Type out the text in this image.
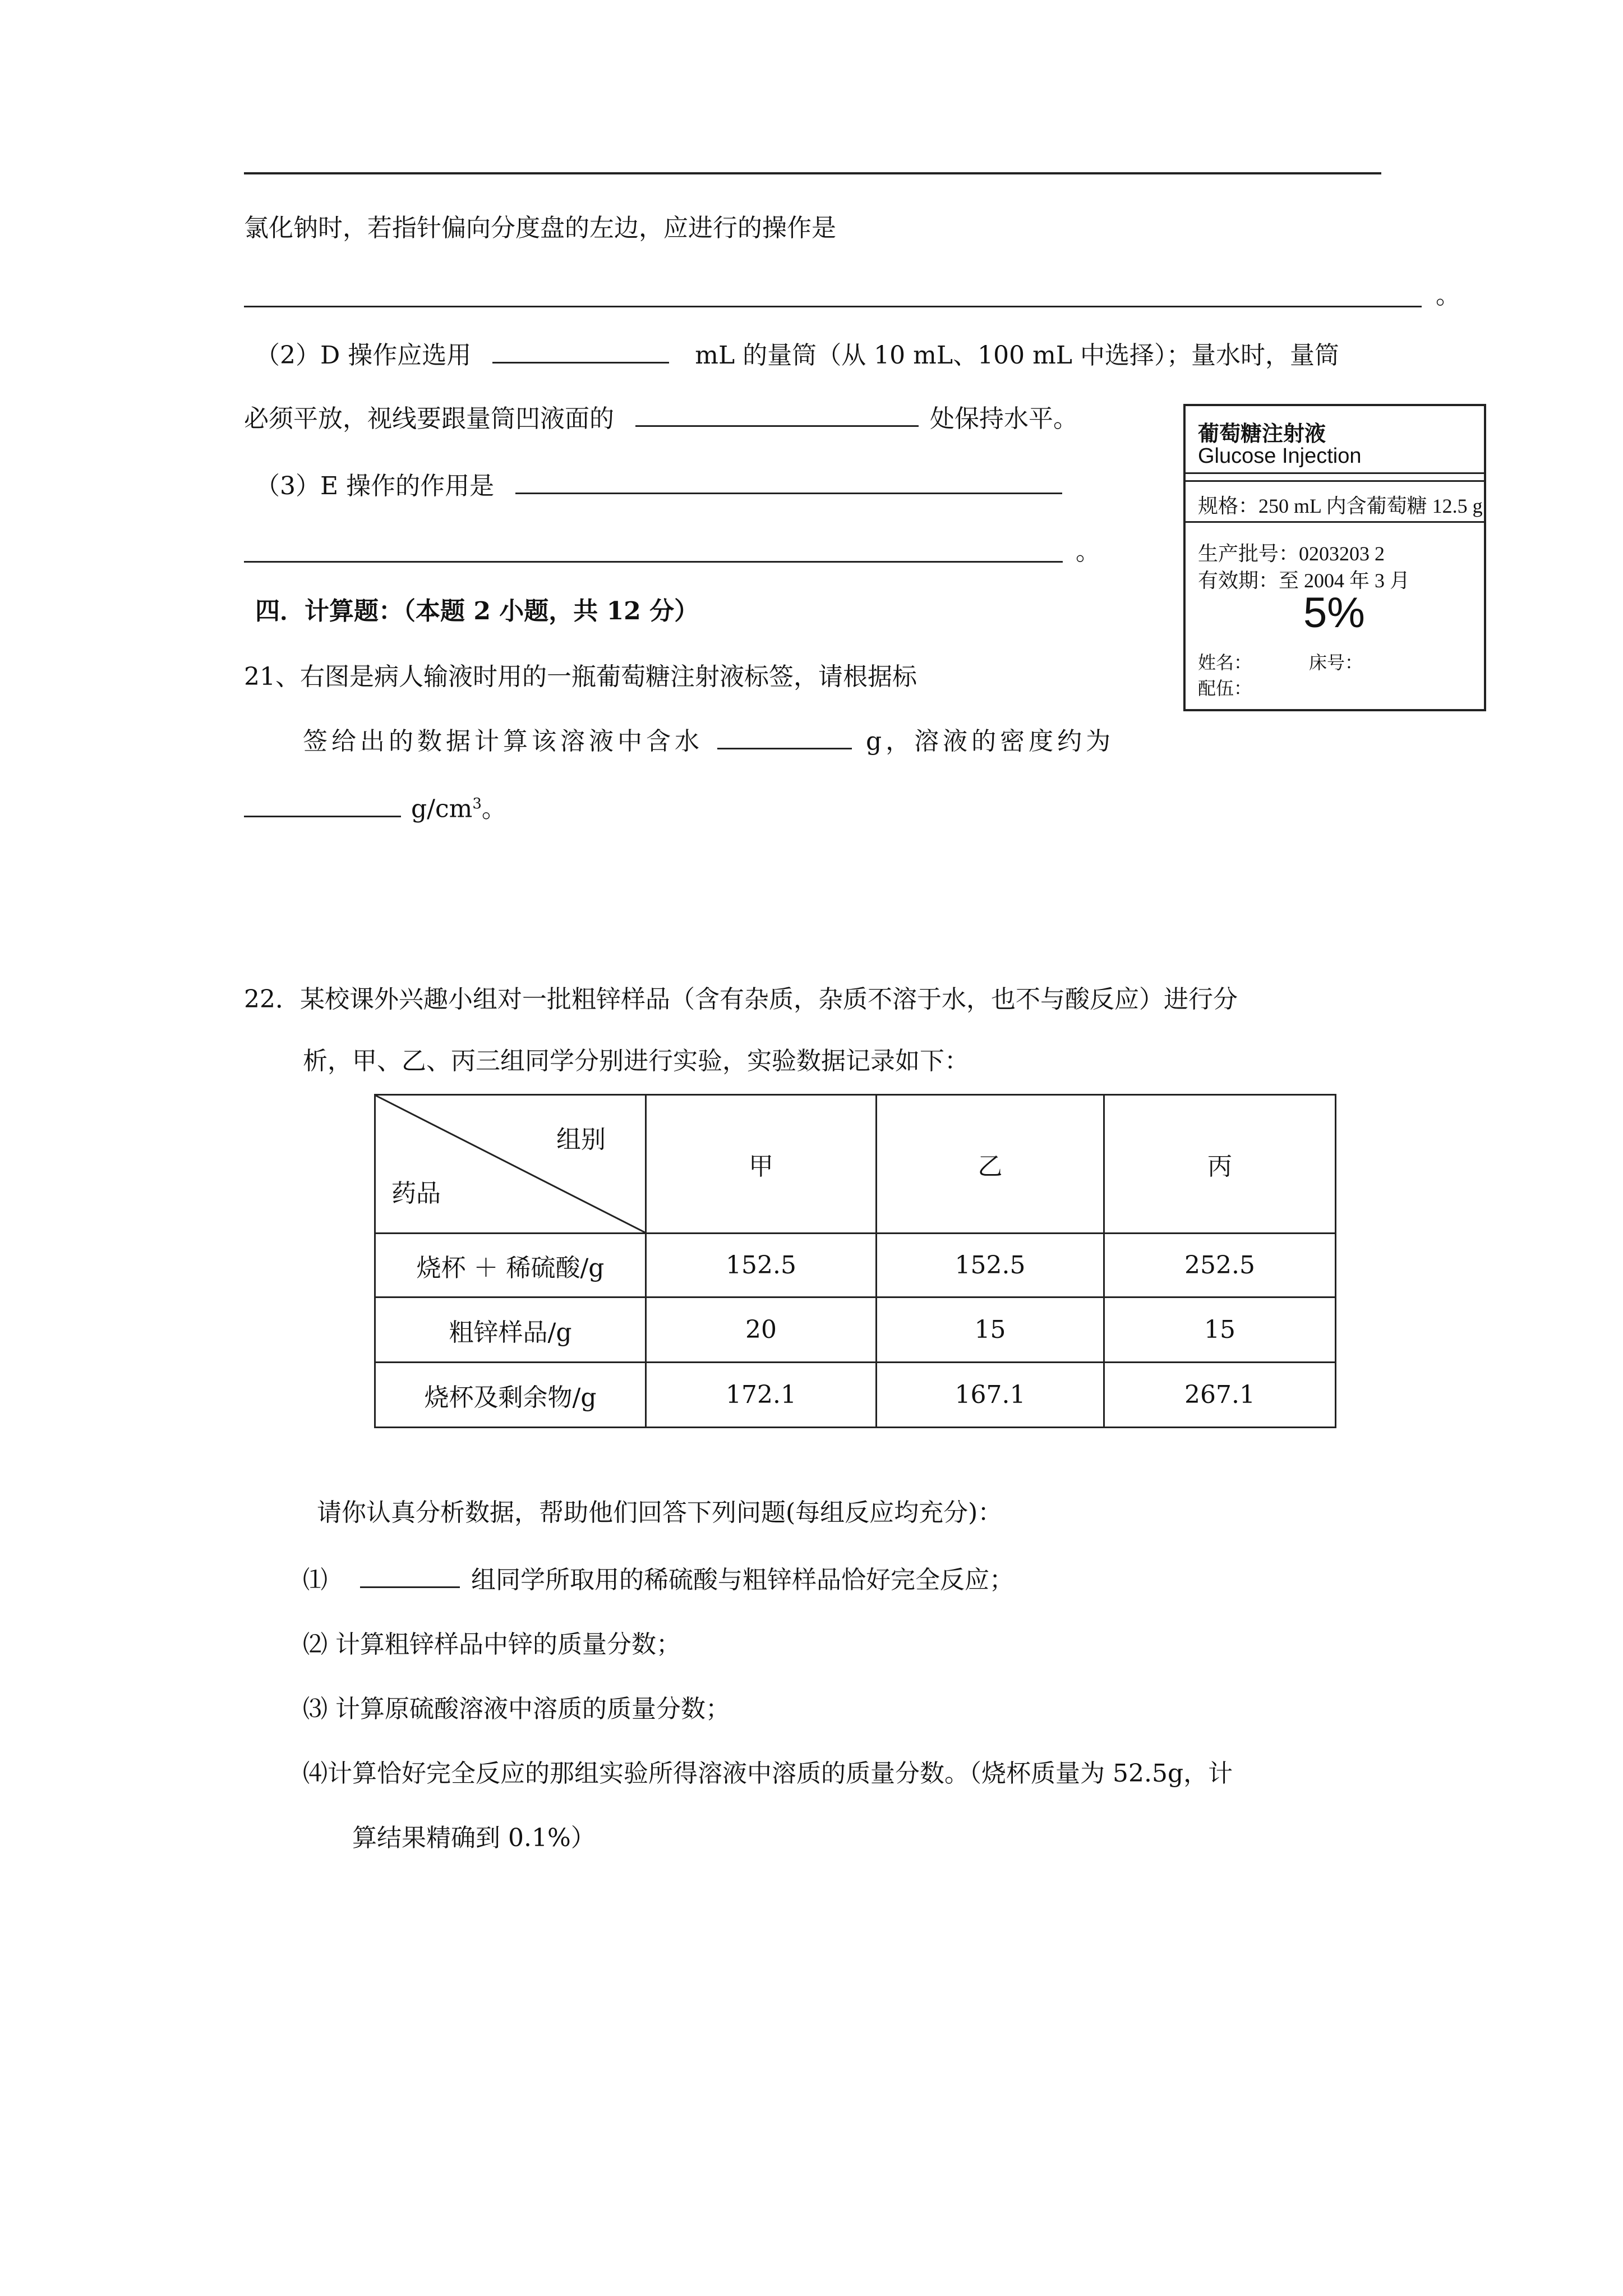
氯化钠时，若指针偏向分度盘的左边，应进行的操作是
。
（2）D 操作应选用	mL 的量筒（从 10 mL、100 mL 中选择）；量水时，量筒
必须平放，视线要跟量筒凹液面的	处保持水平。
（3）E 操作的作用是
。
四．计算题：（本题 2 小题，共 12 分）
21、右图是病人输液时用的一瓶葡萄糖注射液标签，请根据标
签给出的数据计算该溶液中含水	g，溶液的密度约为
$g/cm^3$。
葡萄糖注射液
Glucose Injection
规格：250 mL 内含葡萄糖 12.5 g
生产批号：0203203 2
有效期：至 2004 年 3 月
5%
姓名：	床号：
配伍：
22．某校课外兴趣小组对一批粗锌样品（含有杂质，杂质不溶于水，也不与酸反应）进行分
析，甲、乙、丙三组同学分别进行实验，实验数据记录如下：
组别
药品	甲	乙	丙
烧杯 ＋ 稀硫酸/g	152.5	152.5	252.5
粗锌样品/g	20	15	15
烧杯及剩余物/g	172.1	167.1	267.1
请你认真分析数据，帮助他们回答下列问题(每组反应均充分)：
⑴	组同学所取用的稀硫酸与粗锌样品恰好完全反应；
⑵ 计算粗锌样品中锌的质量分数；
⑶ 计算原硫酸溶液中溶质的质量分数；
⑷计算恰好完全反应的那组实验所得溶液中溶质的质量分数。（烧杯质量为 52.5g，计
算结果精确到 0.1%）
